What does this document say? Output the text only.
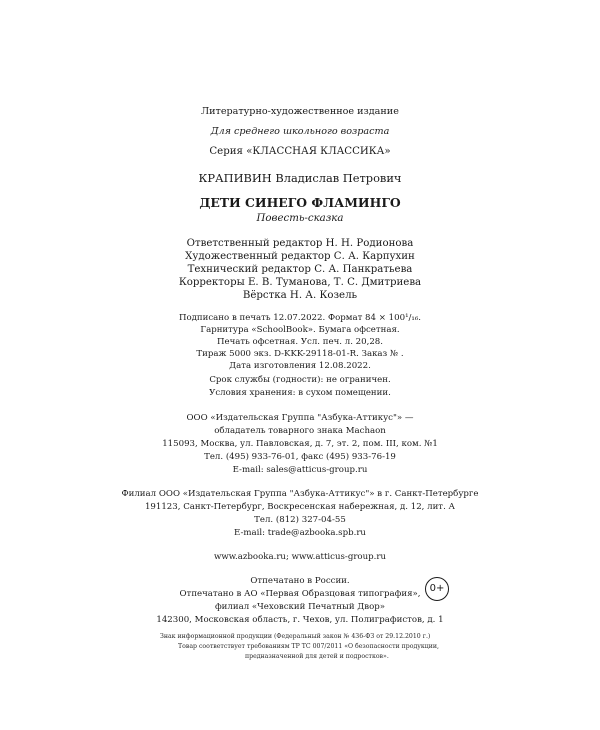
Литературно-художественное издание
Для среднего школьного возраста
Серия «КЛАССНАЯ КЛАССИКА»
КРАПИВИН Владислав Петрович
ДЕТИ СИНЕГО ФЛАМИНГО
Повесть-сказка
Ответственный редактор Н. Н. Родионова
Художественный редактор С. А. Карпухин
Технический редактор С. А. Панкратьева
Корректоры Е. В. Туманова, Т. С. Дмитриева
Вёрстка Н. А. Козель
Подписано в печать 12.07.2022. Формат 84 × 100¹/₁₆.
Гарнитура «SchoolBook». Бумага офсетная.
Печать офсетная. Усл. печ. л. 20,28.
Тираж 5000 экз. D-KKK-29118-01-R. Заказ № .
Дата изготовления 12.08.2022.
Срок службы (годности): не ограничен.
Условия хранения: в сухом помещении.
ООО «Издательская Группа "Азбука-Аттикус"» —
обладатель товарного знака Machaon
115093, Москва, ул. Павловская, д. 7, эт. 2, пом. III, ком. №1
Тел. (495) 933-76-01, факс (495) 933-76-19
E-mail: sales@atticus-group.ru
Филиал ООО «Издательская Группа "Азбука-Аттикус"» в г. Санкт-Петербурге
191123, Санкт-Петербург, Воскресенская набережная, д. 12, лит. А
Тел. (812) 327-04-55
E-mail: trade@azbooka.spb.ru
www.azbooka.ru; www.atticus-group.ru
Отпечатано в России.
Отпечатано в АО «Первая Образцовая типография»,
филиал «Чеховский Печатный Двор»
142300, Московская область, г. Чехов, ул. Полиграфистов, д. 1
0+
Знак информационной продукции (Федеральный закон № 436-ФЗ от 29.12.2010 г.)
Товар соответствует требованиям ТР ТС 007/2011 «О безопасности продукции,
предназначенной для детей и подростков».
